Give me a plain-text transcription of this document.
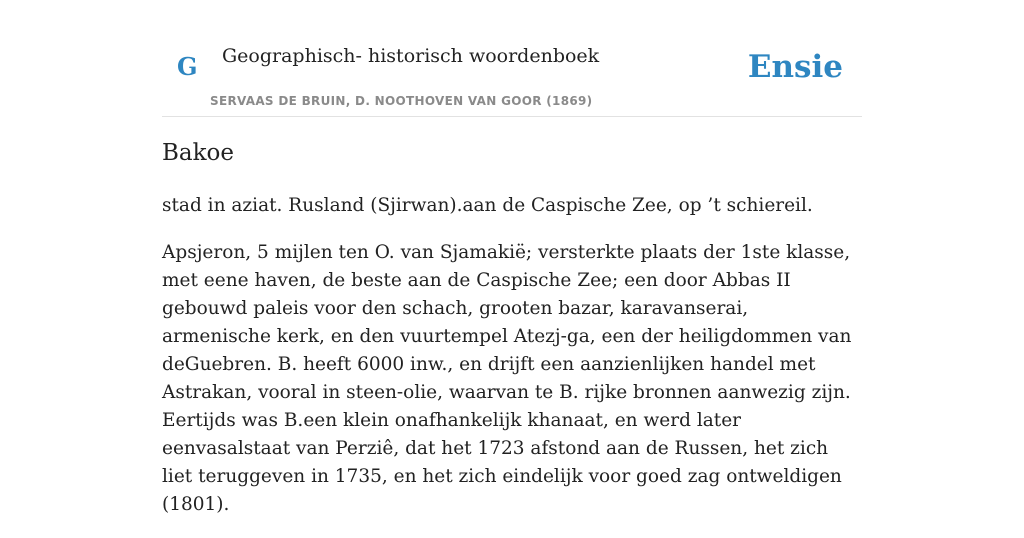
G Geographisch- historisch woordenboek
SERVAAS DE BRUIN, D. NOOTHOVEN VAN GOOR (1869)
Ensie
Bakoe

stad in aziat. Rusland (Sjirwan).aan de Caspische Zee, op ’t schiereil.

Apsjeron, 5 mijlen ten O. van Sjamakië; versterkte plaats der 1ste klasse, met eene haven, de beste aan de Caspische Zee; een door Abbas II gebouwd paleis voor den schach, grooten bazar, karavanserai, armenische kerk, en den vuurtempel Atezj-ga, een der heiligdommen van deGuebren. B. heeft 6000 inw., en drijft een aanzienlijken handel met Astrakan, vooral in steen-olie, waarvan te B. rijke bronnen aanwezig zijn. Eertijds was B.een klein onafhankelijk khanaat, en werd later eenvasalstaat van Perziê, dat het 1723 afstond aan de Russen, het zich liet teruggeven in 1735, en het zich eindelijk voor goed zag ontweldigen (1801).
